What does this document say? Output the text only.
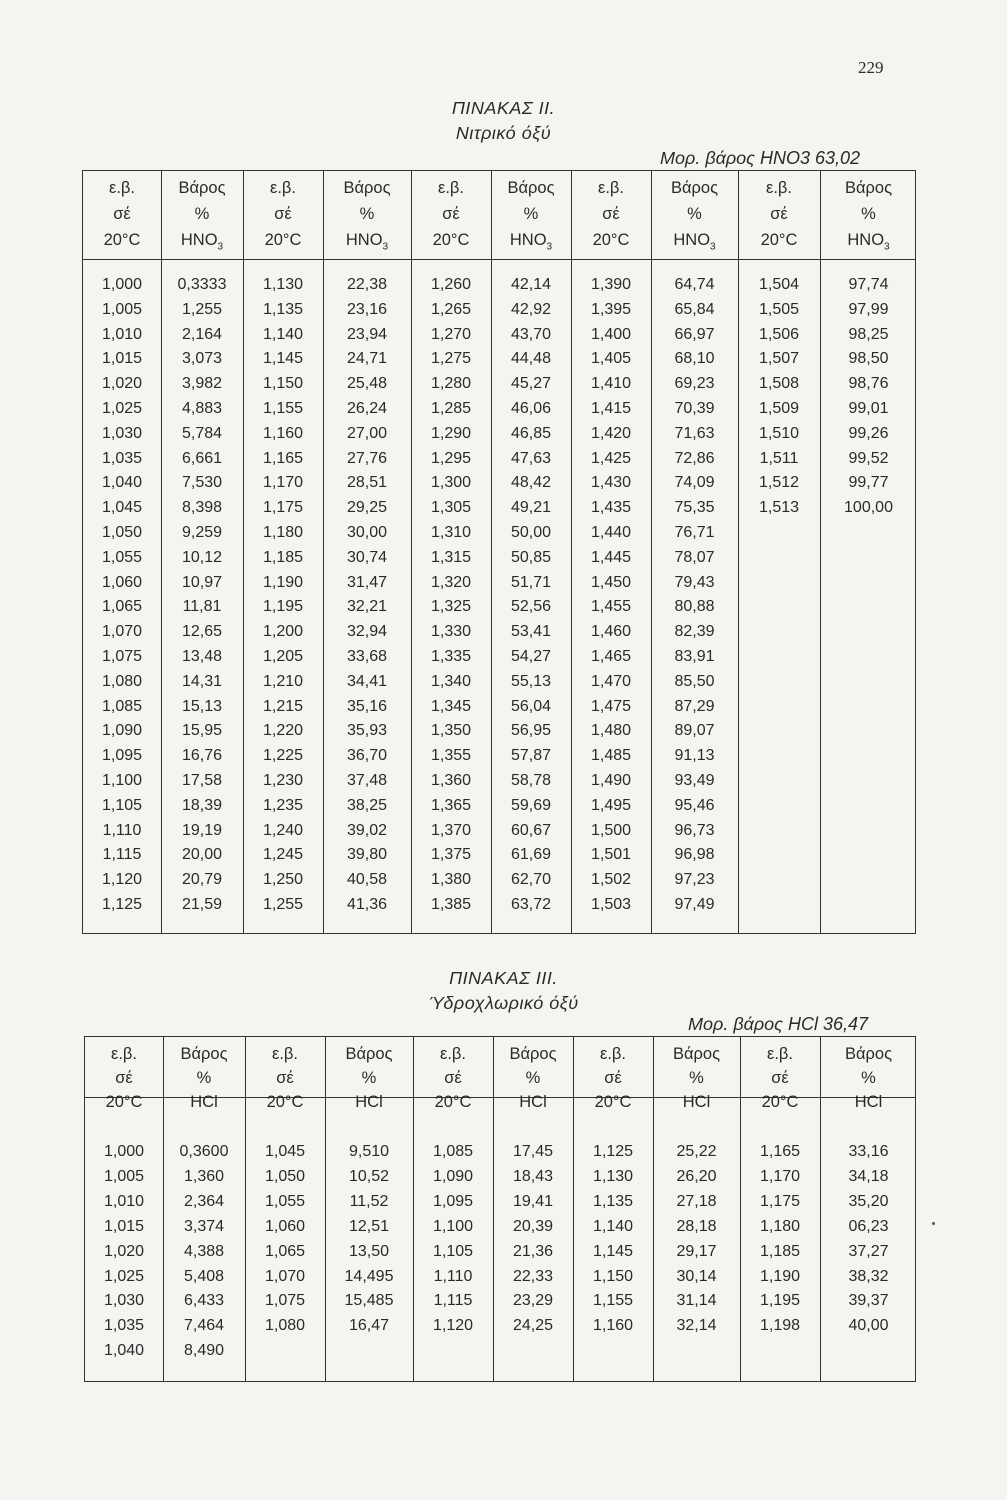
229
ΠΙΝΑΚΑΣ ΙΙ.
Νιτρικό όξύ
Μορ. βάρος HNO3 63,02
ε.β.
σέ
20°C
Βάρος
%
$HNO_3$
ε.β.
σέ
20°C
Βάρος
%
$HNO_3$
ε.β.
σέ
20°C
Βάρος
%
$HNO_3$
ε.β.
σέ
20°C
Βάρος
%
$HNO_3$
ε.β.
σέ
20°C
Βάρος
%
$HNO_3$
1,000
1,005
1,010
1,015
1,020
1,025
1,030
1,035
1,040
1,045
1,050
1,055
1,060
1,065
1,070
1,075
1,080
1,085
1,090
1,095
1,100
1,105
1,110
1,115
1,120
1,125
0,3333
1,255
2,164
3,073
3,982
4,883
5,784
6,661
7,530
8,398
9,259
10,12
10,97
11,81
12,65
13,48
14,31
15,13
15,95
16,76
17,58
18,39
19,19
20,00
20,79
21,59
1,130
1,135
1,140
1,145
1,150
1,155
1,160
1,165
1,170
1,175
1,180
1,185
1,190
1,195
1,200
1,205
1,210
1,215
1,220
1,225
1,230
1,235
1,240
1,245
1,250
1,255
22,38
23,16
23,94
24,71
25,48
26,24
27,00
27,76
28,51
29,25
30,00
30,74
31,47
32,21
32,94
33,68
34,41
35,16
35,93
36,70
37,48
38,25
39,02
39,80
40,58
41,36
1,260
1,265
1,270
1,275
1,280
1,285
1,290
1,295
1,300
1,305
1,310
1,315
1,320
1,325
1,330
1,335
1,340
1,345
1,350
1,355
1,360
1,365
1,370
1,375
1,380
1,385
42,14
42,92
43,70
44,48
45,27
46,06
46,85
47,63
48,42
49,21
50,00
50,85
51,71
52,56
53,41
54,27
55,13
56,04
56,95
57,87
58,78
59,69
60,67
61,69
62,70
63,72
1,390
1,395
1,400
1,405
1,410
1,415
1,420
1,425
1,430
1,435
1,440
1,445
1,450
1,455
1,460
1,465
1,470
1,475
1,480
1,485
1,490
1,495
1,500
1,501
1,502
1,503
64,74
65,84
66,97
68,10
69,23
70,39
71,63
72,86
74,09
75,35
76,71
78,07
79,43
80,88
82,39
83,91
85,50
87,29
89,07
91,13
93,49
95,46
96,73
96,98
97,23
97,49
1,504
1,505
1,506
1,507
1,508
1,509
1,510
1,511
1,512
1,513
97,74
97,99
98,25
98,50
98,76
99,01
99,26
99,52
99,77
100,00
ΠΙΝΑΚΑΣ ΙΙΙ.
Ύδροχλωρικό όξύ
Μορ. βάρος HCl 36,47
ε.β.
σέ
20°C
Βάρος
%
HCl
ε.β.
σέ
20°C
Βάρος
%
HCl
ε.β.
σέ
20°C
Βάρος
%
HCl
ε.β.
σέ
20°C
Βάρος
%
HCl
ε.β.
σέ
20°C
Βάρος
%
HCl
1,000
1,005
1,010
1,015
1,020
1,025
1,030
1,035
1,040
0,3600
1,360
2,364
3,374
4,388
5,408
6,433
7,464
8,490
1,045
1,050
1,055
1,060
1,065
1,070
1,075
1,080
9,510
10,52
11,52
12,51
13,50
14,495
15,485
16,47
1,085
1,090
1,095
1,100
1,105
1,110
1,115
1,120
17,45
18,43
19,41
20,39
21,36
22,33
23,29
24,25
1,125
1,130
1,135
1,140
1,145
1,150
1,155
1,160
25,22
26,20
27,18
28,18
29,17
30,14
31,14
32,14
1,165
1,170
1,175
1,180
1,185
1,190
1,195
1,198
33,16
34,18
35,20
06,23
37,27
38,32
39,37
40,00
